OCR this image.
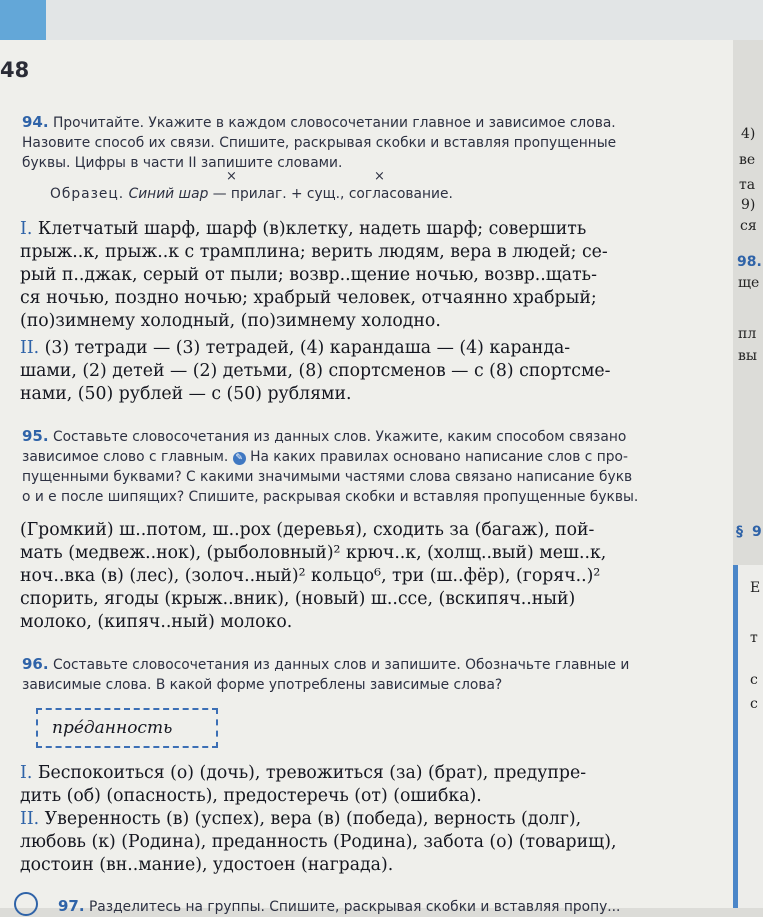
48
94. Прочитайте. Укажите в каждом словосочетании главное и зависимое слова.
Назовите способ их связи. Спишите, раскрывая скобки и вставляя пропущенные
буквы. Цифры в части II запишите словами.
×	×
Образец. Синий шар — прилаг. + сущ., согласование.
I. Клетчатый шарф, шарф (в)клетку, надеть шарф; совершить
прыж..к, прыж..к с трамплина; верить людям, вера в людей; се-
рый п..джак, серый от пыли; возвр..щение ночью, возвр..щать-
ся ночью, поздно ночью; храбрый человек, отчаянно храбрый;
(по)зимнему холодный, (по)зимнему холодно.
II. (3) тетради — (3) тетрадей, (4) карандаша — (4) каранда-
шами, (2) детей — (2) детьми, (8) спортсменов — с (8) спортсме-
нами, (50) рублей — с (50) рублями.
95. Составьте словосочетания из данных слов. Укажите, каким способом связано
зависимое слово с главным. ✎ На каких правилах основано написание слов с про-
пущенными буквами? С какими значимыми частями слова связано написание букв
о и е после шипящих? Спишите, раскрывая скобки и вставляя пропущенные буквы.
(Громкий) ш..потом, ш..рох (деревья), сходить за (багаж), пой-
мать (медвеж..нок), (рыболовный)² крюч..к, (холщ..вый) меш..к,
ноч..вка (в) (лес), (золоч..ный)² кольцо⁶, три (ш..фёр), (горяч..)²
спорить, ягоды (крыж..вник), (новый) ш..ссе, (вскипяч..ный)
молоко, (кипяч..ный) молоко.
96. Составьте словосочетания из данных слов и запишите. Обозначьте главные и
зависимые слова. В какой форме употреблены зависимые слова?
пре́данность
I. Беспокоиться (о) (дочь), тревожиться (за) (брат), предупре-
дить (об) (опасность), предостеречь (от) (ошибка).
II. Уверенность (в) (успех), вера (в) (победа), верность (долг),
любовь (к) (Родина), преданность (Родина), забота (о) (товарищ),
достоин (вн..мание), удостоен (награда).
97. Разделитесь на группы. Спишите, раскрывая скобки и вставляя пропу...
4)
ве
та
9)
ся
98.
ще
пл
вы
§ 9
Е
т
с
с
